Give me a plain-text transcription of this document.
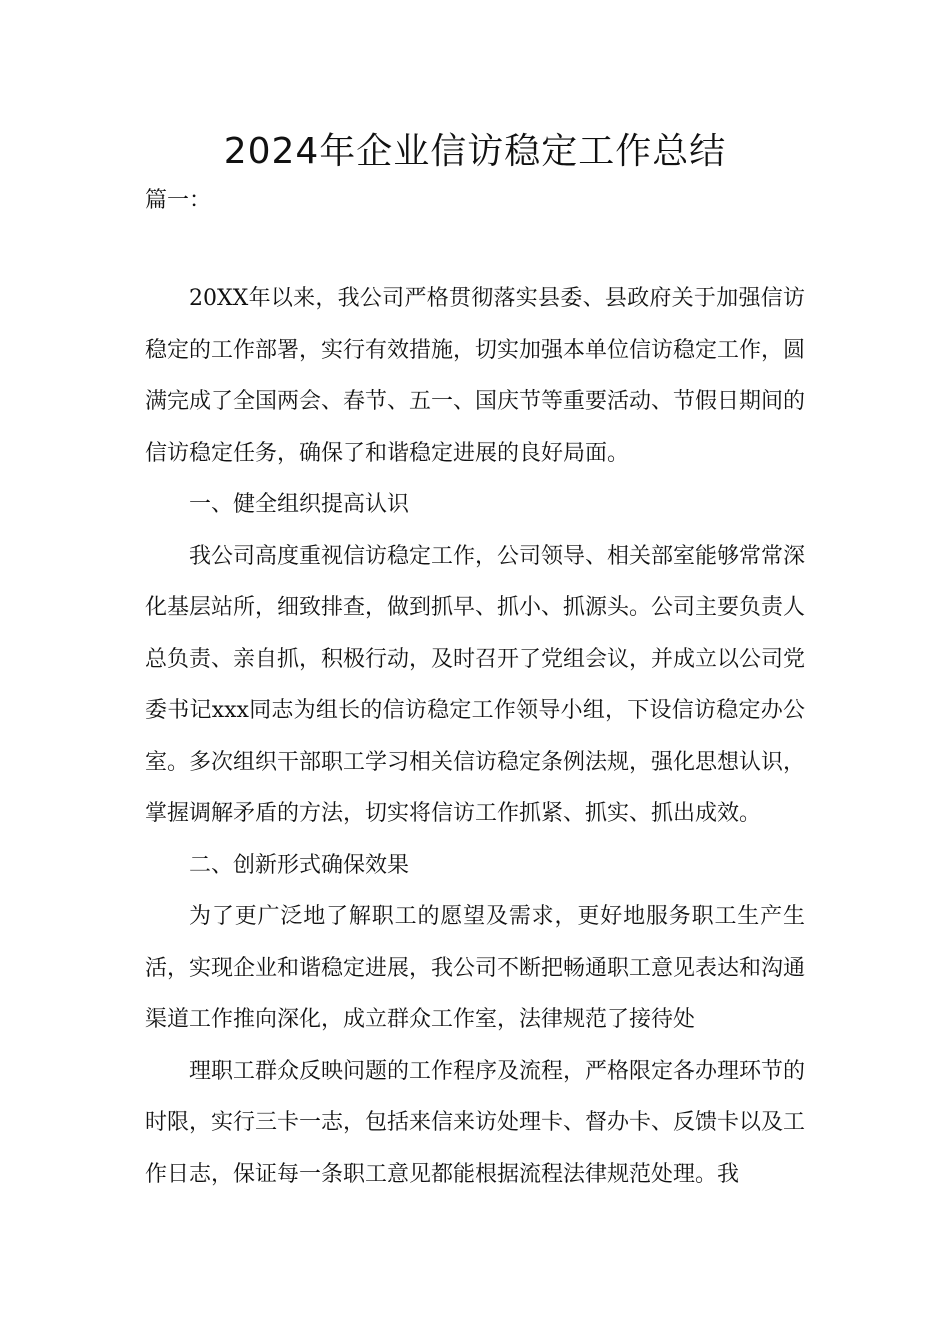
2024年企业信访稳定工作总结
篇一：

20XX年以来，我公司严格贯彻落实县委、县政府关于加强信访稳定的工作部署，实行有效措施，切实加强本单位信访稳定工作，圆满完成了全国两会、春节、五一、国庆节等重要活动、节假日期间的信访稳定任务，确保了和谐稳定进展的良好局面。

一、健全组织提高认识

我公司高度重视信访稳定工作，公司领导、相关部室能够常常深化基层站所，细致排查，做到抓早、抓小、抓源头。公司主要负责人总负责、亲自抓，积极行动，及时召开了党组会议，并成立以公司党委书记xxx同志为组长的信访稳定工作领导小组，下设信访稳定办公室。多次组织干部职工学习相关信访稳定条例法规，强化思想认识，掌握调解矛盾的方法，切实将信访工作抓紧、抓实、抓出成效。

二、创新形式确保效果

为了更广泛地了解职工的愿望及需求，更好地服务职工生产生活，实现企业和谐稳定进展，我公司不断把畅通职工意见表达和沟通渠道工作推向深化，成立群众工作室，法律规范了接待处

理职工群众反映问题的工作程序及流程，严格限定各办理环节的时限，实行三卡一志，包括来信来访处理卡、督办卡、反馈卡以及工作日志，保证每一条职工意见都能根据流程法律规范处理。我
